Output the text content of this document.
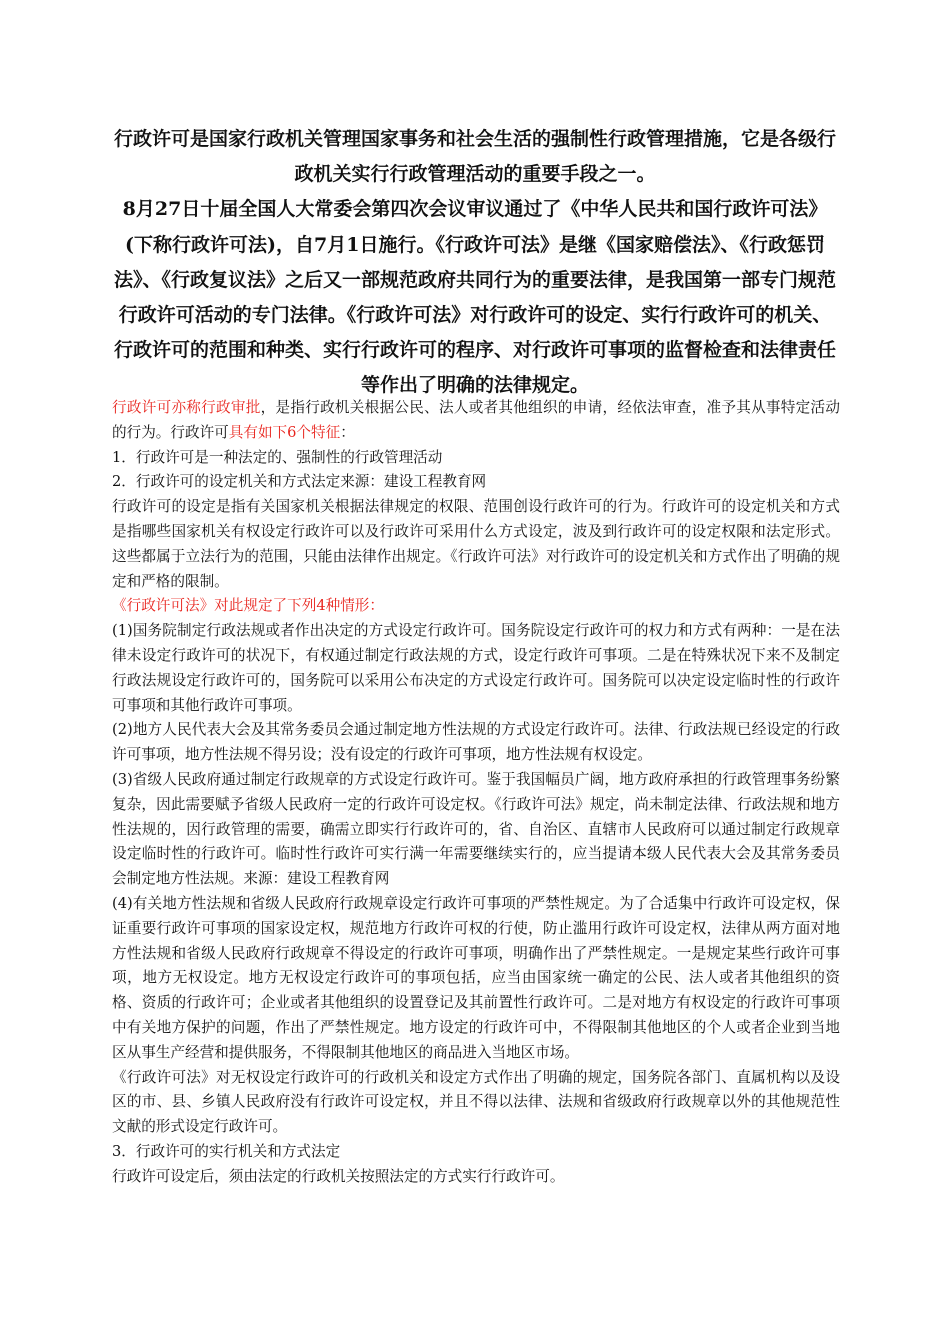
行政许可是国家行政机关管理国家事务和社会生活的强制性行政管理措施，它是各级行政机关实行行政管理活动的重要手段之一。

8月27日十届全国人大常委会第四次会议审议通过了《中华人民共和国行政许可法》(下称行政许可法)，自7月1日施行。《行政许可法》是继《国家赔偿法》、《行政惩罚法》、《行政复议法》之后又一部规范政府共同行为的重要法律，是我国第一部专门规范行政许可活动的专门法律。《行政许可法》对行政许可的设定、实行行政许可的机关、行政许可的范围和种类、实行行政许可的程序、对行政许可事项的监督检查和法律责任等作出了明确的法律规定。

行政许可亦称行政审批，是指行政机关根据公民、法人或者其他组织的申请，经依法审查，准予其从事特定活动的行为。行政许可具有如下6个特征：

1．行政许可是一种法定的、强制性的行政管理活动

2．行政许可的设定机关和方式法定来源：建设工程教育网

行政许可的设定是指有关国家机关根据法律规定的权限、范围创设行政许可的行为。行政许可的设定机关和方式是指哪些国家机关有权设定行政许可以及行政许可采用什么方式设定，波及到行政许可的设定权限和法定形式。这些都属于立法行为的范围，只能由法律作出规定。《行政许可法》对行政许可的设定机关和方式作出了明确的规定和严格的限制。

《行政许可法》对此规定了下列4种情形：

(1)国务院制定行政法规或者作出决定的方式设定行政许可。国务院设定行政许可的权力和方式有两种：一是在法律未设定行政许可的状况下，有权通过制定行政法规的方式，设定行政许可事项。二是在特殊状况下来不及制定行政法规设定行政许可的，国务院可以采用公布决定的方式设定行政许可。国务院可以决定设定临时性的行政许可事项和其他行政许可事项。

(2)地方人民代表大会及其常务委员会通过制定地方性法规的方式设定行政许可。法律、行政法规已经设定的行政许可事项，地方性法规不得另设；没有设定的行政许可事项，地方性法规有权设定。

(3)省级人民政府通过制定行政规章的方式设定行政许可。鉴于我国幅员广阔，地方政府承担的行政管理事务纷繁复杂，因此需要赋予省级人民政府一定的行政许可设定权。《行政许可法》规定，尚未制定法律、行政法规和地方性法规的，因行政管理的需要，确需立即实行行政许可的，省、自治区、直辖市人民政府可以通过制定行政规章设定临时性的行政许可。临时性行政许可实行满一年需要继续实行的，应当提请本级人民代表大会及其常务委员会制定地方性法规。来源：建设工程教育网

(4)有关地方性法规和省级人民政府行政规章设定行政许可事项的严禁性规定。为了合适集中行政许可设定权，保证重要行政许可事项的国家设定权，规范地方行政许可权的行使，防止滥用行政许可设定权，法律从两方面对地方性法规和省级人民政府行政规章不得设定的行政许可事项，明确作出了严禁性规定。一是规定某些行政许可事项，地方无权设定。地方无权设定行政许可的事项包括，应当由国家统一确定的公民、法人或者其他组织的资格、资质的行政许可；企业或者其他组织的设置登记及其前置性行政许可。二是对地方有权设定的行政许可事项中有关地方保护的问题，作出了严禁性规定。地方设定的行政许可中，不得限制其他地区的个人或者企业到当地区从事生产经营和提供服务，不得限制其他地区的商品进入当地区市场。

《行政许可法》对无权设定行政许可的行政机关和设定方式作出了明确的规定，国务院各部门、直属机构以及设区的市、县、乡镇人民政府没有行政许可设定权，并且不得以法律、法规和省级政府行政规章以外的其他规范性文献的形式设定行政许可。

3．行政许可的实行机关和方式法定

行政许可设定后，须由法定的行政机关按照法定的方式实行行政许可。
